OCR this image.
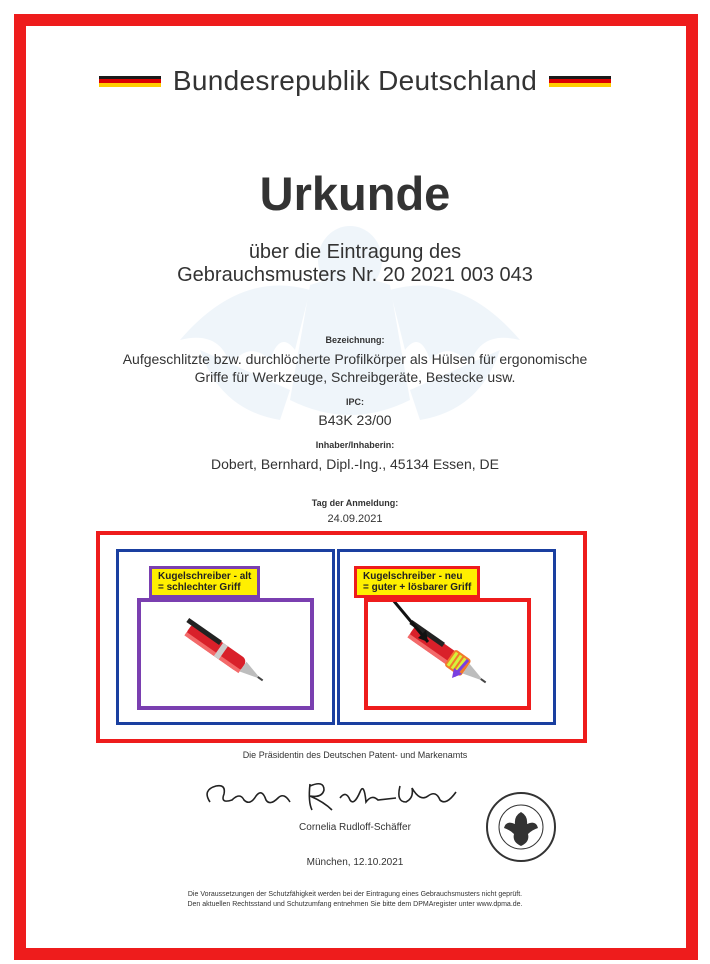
Bundesrepublik Deutschland
Urkunde
über die Eintragung des
Gebrauchsmusters Nr. 20 2021 003 043
Bezeichnung:
Aufgeschlitzte bzw. durchlöcherte Profilkörper als Hülsen für ergonomische
Griffe für Werkzeuge, Schreibgeräte, Bestecke usw.
IPC:
B43K 23/00
Inhaber/Inhaberin:
Dobert, Bernhard, Dipl.-Ing., 45134 Essen, DE
Tag der Anmeldung:
24.09.2021
Kugelschreiber - alt
= schlechter Griff
Kugelschreiber - neu
= guter + lösbarer Griff
Die Präsidentin des Deutschen Patent- und Markenamts
Cornelia Rudloff-Schäffer
München, 12.10.2021
Die Voraussetzungen der Schutzfähigkeit werden bei der Eintragung eines Gebrauchsmusters nicht geprüft.
Den aktuellen Rechtsstand und Schutzumfang entnehmen Sie bitte dem DPMAregister unter www.dpma.de.
